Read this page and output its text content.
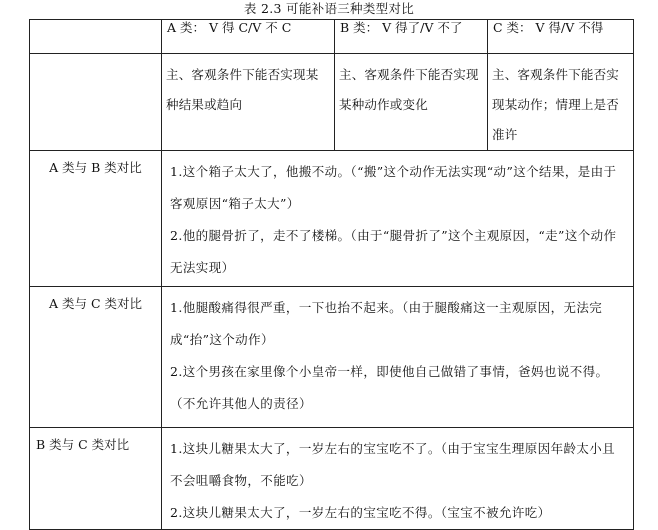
表 2.3 可能补语三种类型对比

	A 类： V 得 C/V 不 C	B 类： V 得了/V 不了	C 类： V 得/V 不得

	主、客观条件下能否实现某种结果或趋向	主、客观条件下能否实现某种动作或变化	主、客观条件下能否实现某动作；情理上是否准许

A 类与 B 类对比	1.这个箱子太大了，他搬不动。（“搬”这个动作无法实现“动”这个结果，是由于客观原因“箱子太大”）

2.他的腿骨折了，走不了楼梯。（由于“腿骨折了”这个主观原因，“走”这个动作无法实现）		

A 类与 C 类对比	1.他腿酸痛得很严重，一下也抬不起来。（由于腿酸痛这一主观原因，无法完成“抬”这个动作）

2.这个男孩在家里像个小皇帝一样，即使他自己做错了事情，爸妈也说不得。（不允许其他人的责径）		

B 类与 C 类对比	1.这块儿糖果太大了，一岁左右的宝宝吃不了。（由于宝宝生理原因年龄太小且不会咀嚼食物，不能吃）

2.这块儿糖果太大了，一岁左右的宝宝吃不得。（宝宝不被允许吃）		
